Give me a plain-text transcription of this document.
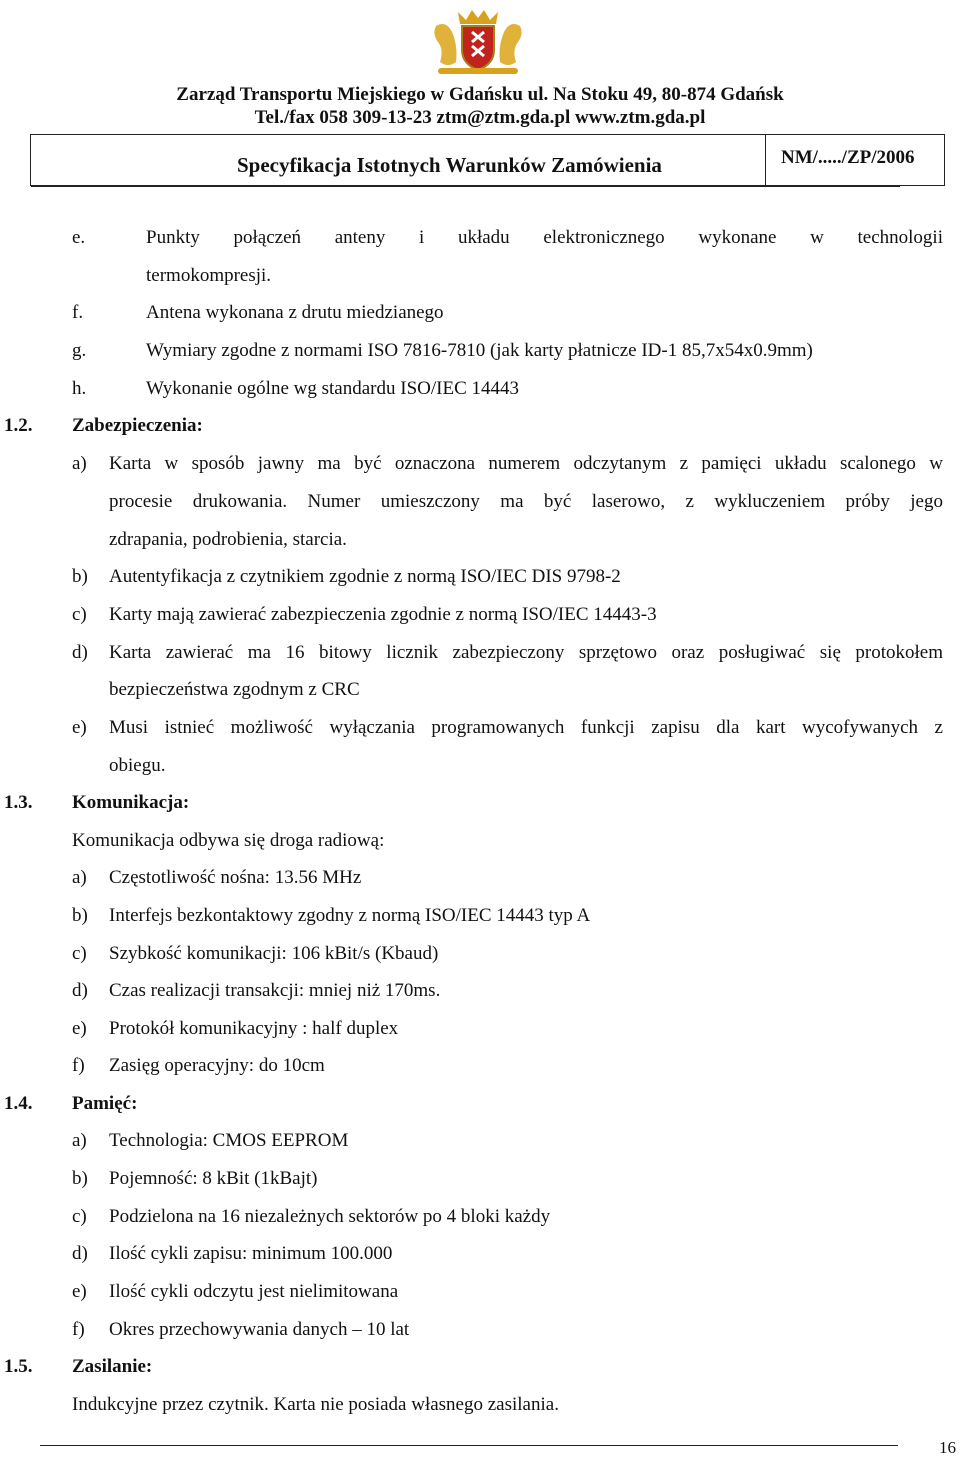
Zarząd Transportu Miejskiego w Gdańsku ul. Na Stoku 49, 80-874 Gdańsk
Tel./fax 058 309-13-23 ztm@ztm.gda.pl www.ztm.gda.pl
Specyfikacja Istotnych Warunków Zamówienia	NM/...../ZP/2006
e.	Punkty połączeń anteny i układu elektronicznego wykonane w technologii
termokompresji.
f.	Antena wykonana z drutu miedzianego
g.	Wymiary zgodne z normami ISO 7816-7810 (jak karty płatnicze ID-1 85,7x54x0.9mm)
h.	Wykonanie ogólne wg standardu ISO/IEC 14443
1.2. Zabezpieczenia:
a) Karta w sposób jawny ma być oznaczona numerem odczytanym z pamięci układu scalonego w
procesie drukowania. Numer umieszczony ma być laserowo, z wykluczeniem próby jego
zdrapania, podrobienia, starcia.
b) Autentyfikacja z czytnikiem zgodnie z normą ISO/IEC DIS 9798-2
c) Karty mają zawierać zabezpieczenia zgodnie z normą ISO/IEC 14443-3
d) Karta zawierać ma 16 bitowy licznik zabezpieczony sprzętowo oraz posługiwać się protokołem
bezpieczeństwa zgodnym z CRC
e) Musi istnieć możliwość wyłączania programowanych funkcji zapisu dla kart wycofywanych z
obiegu.
1.3. Komunikacja:
Komunikacja odbywa się droga radiową:
a) Częstotliwość nośna: 13.56 MHz
b) Interfejs bezkontaktowy zgodny z normą ISO/IEC 14443 typ A
c) Szybkość komunikacji: 106 kBit/s (Kbaud)
d) Czas realizacji transakcji: mniej niż 170ms.
e) Protokół komunikacyjny : half duplex
f) Zasięg operacyjny: do 10cm
1.4. Pamięć:
a) Technologia: CMOS EEPROM
b) Pojemność: 8 kBit (1kBajt)
c) Podzielona na 16 niezależnych sektorów po 4 bloki każdy
d) Ilość cykli zapisu: minimum 100.000
e) Ilość cykli odczytu jest nielimitowana
f) Okres przechowywania danych – 10 lat
1.5. Zasilanie:
Indukcyjne przez czytnik. Karta nie posiada własnego zasilania.
16
